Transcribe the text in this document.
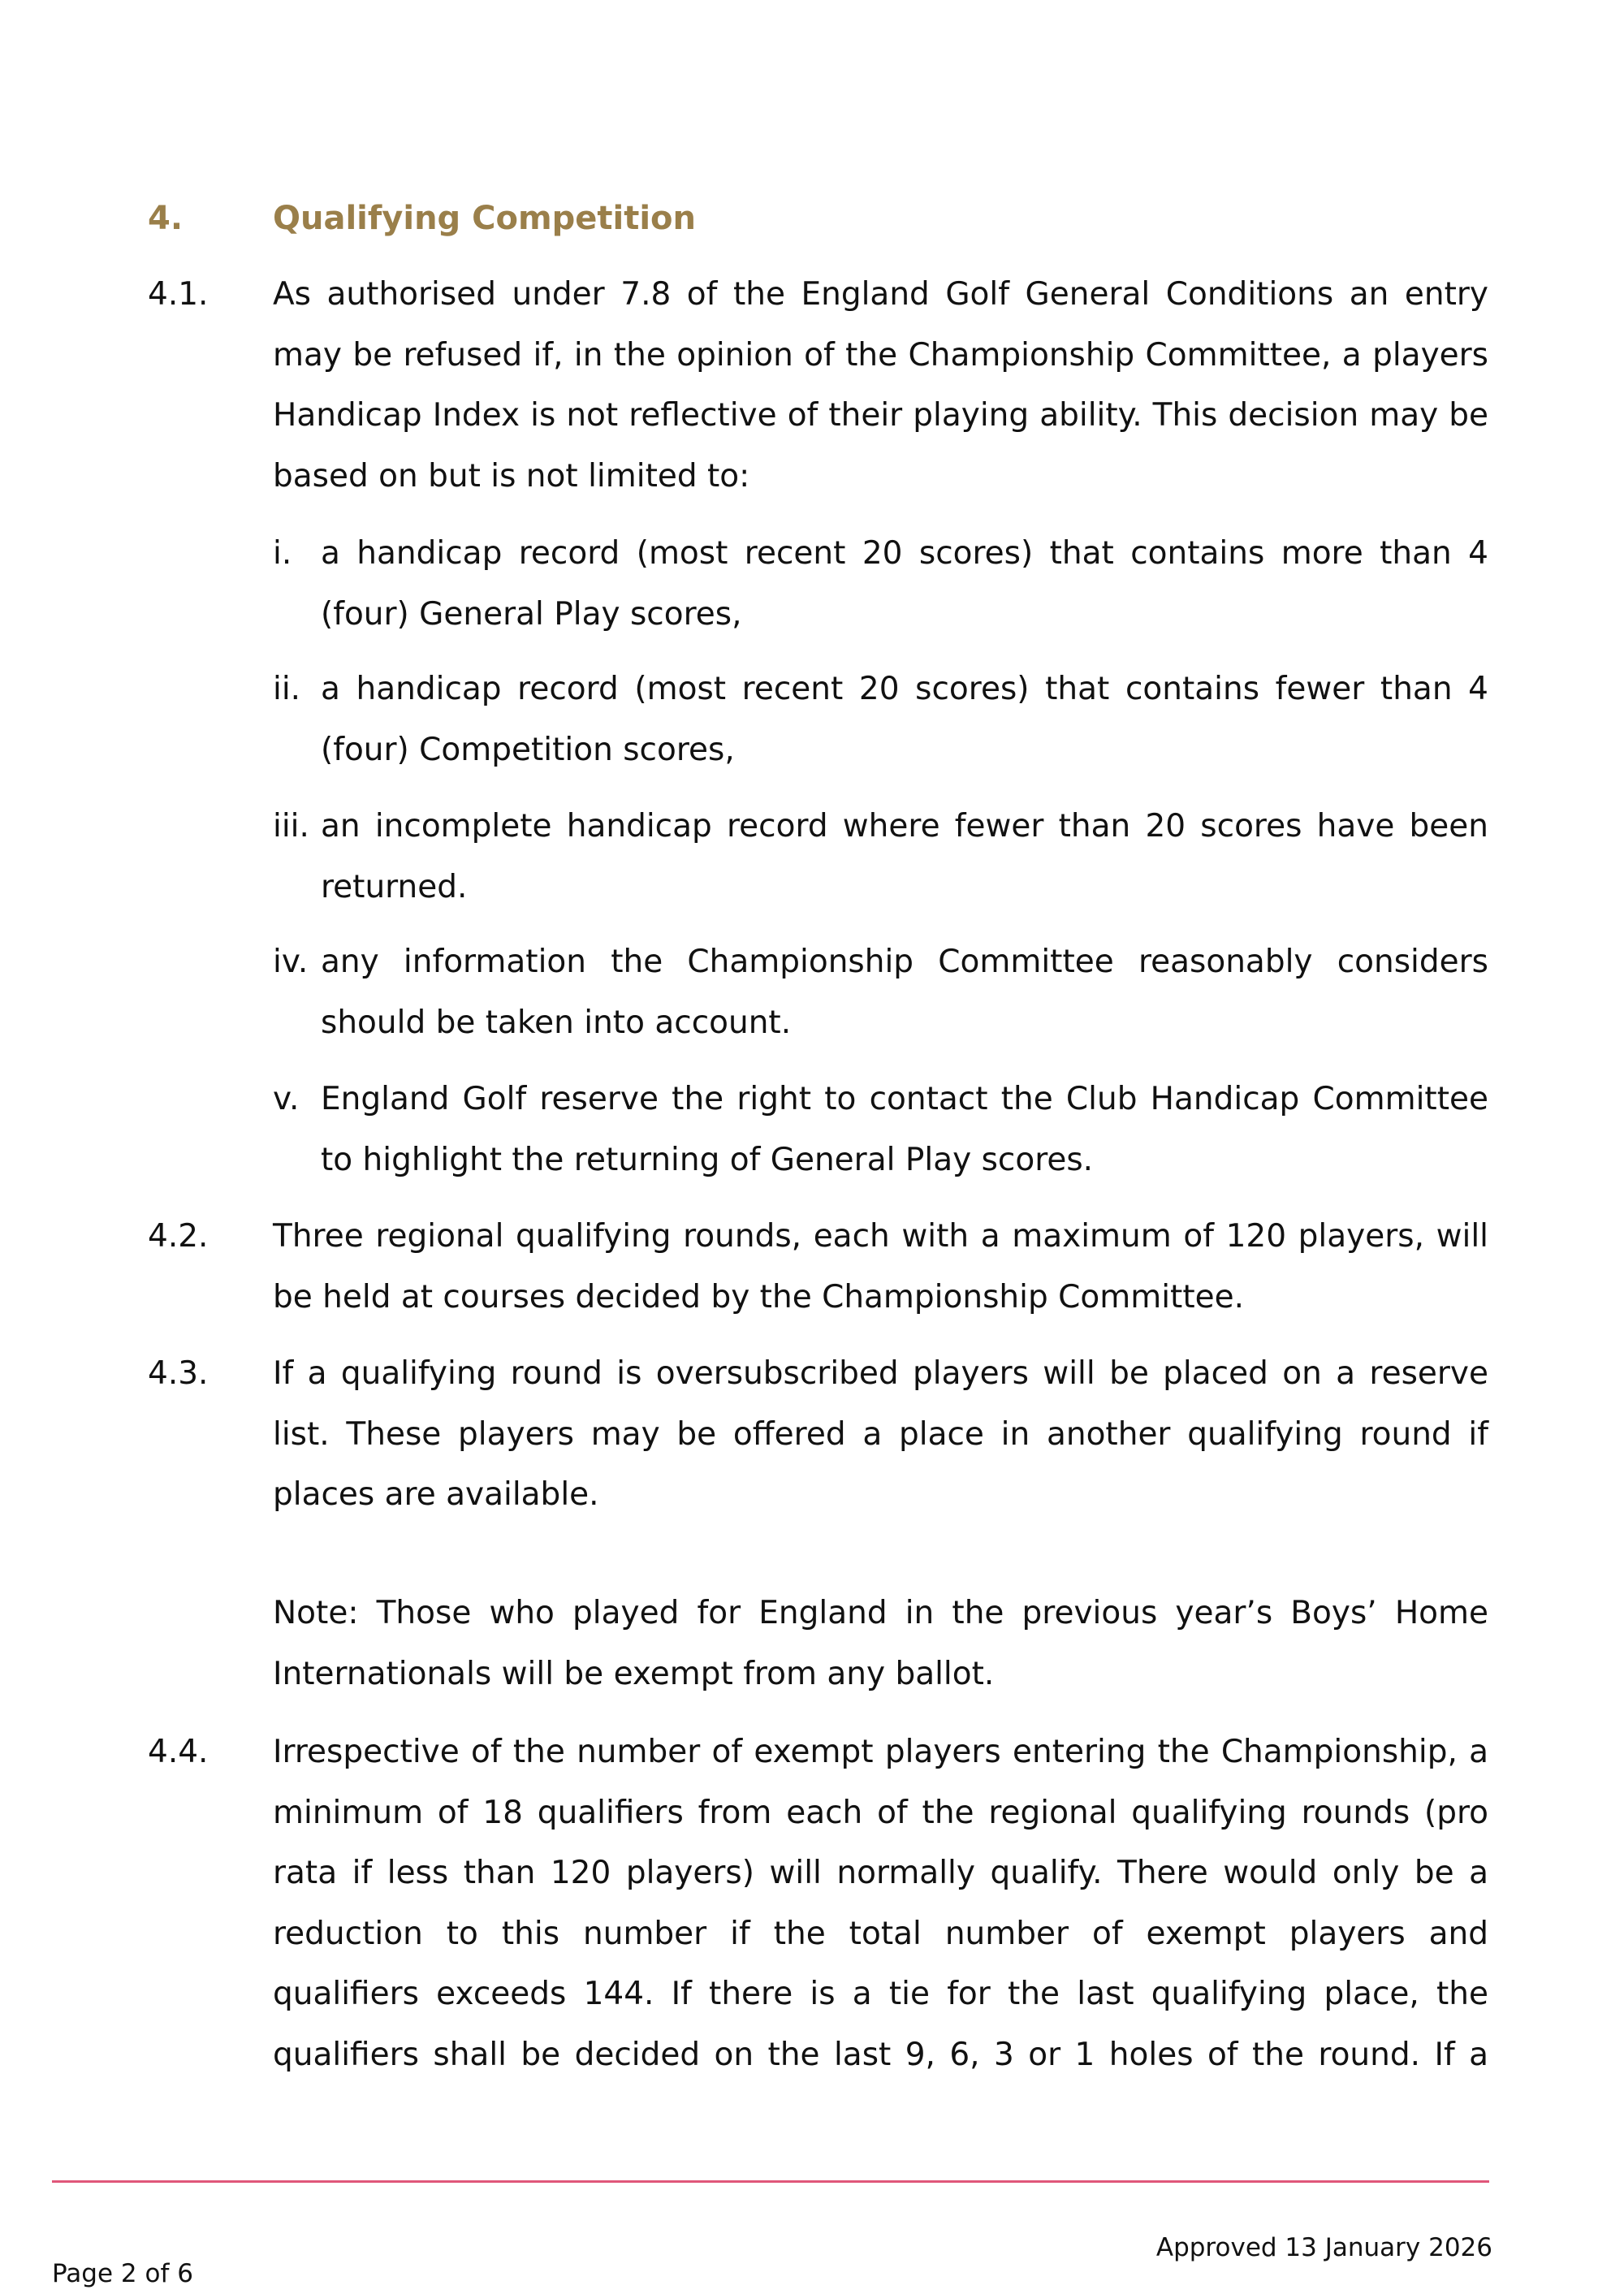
4.	Qualifying Competition
4.1. As authorised under 7.8 of the England Golf General Conditions an entry may be refused if, in the opinion of the Championship Committee, a players Handicap Index is not reflective of their playing ability. This decision may be based on but is not limited to:
i. a handicap record (most recent 20 scores) that contains more than 4 (four) General Play scores,
ii. a handicap record (most recent 20 scores) that contains fewer than 4 (four) Competition scores,
iii. an incomplete handicap record where fewer than 20 scores have been returned.
iv. any information the Championship Committee reasonably considers should be taken into account.
v. England Golf reserve the right to contact the Club Handicap Committee to highlight the returning of General Play scores.
4.2. Three regional qualifying rounds, each with a maximum of 120 players, will be held at courses decided by the Championship Committee.
4.3. If a qualifying round is oversubscribed players will be placed on a reserve list. These players may be offered a place in another qualifying round if places are available.
Note: Those who played for England in the previous year’s Boys’ Home Internationals will be exempt from any ballot.
4.4. Irrespective of the number of exempt players entering the Championship, a minimum of 18 qualifiers from each of the regional qualifying rounds (pro rata if less than 120 players) will normally qualify. There would only be a reduction to this number if the total number of exempt players and qualifiers exceeds 144. If there is a tie for the last qualifying place, the qualifiers shall be decided on the last 9, 6, 3 or 1 holes of the round. If a
Approved 13 January 2026
Page 2 of 6
